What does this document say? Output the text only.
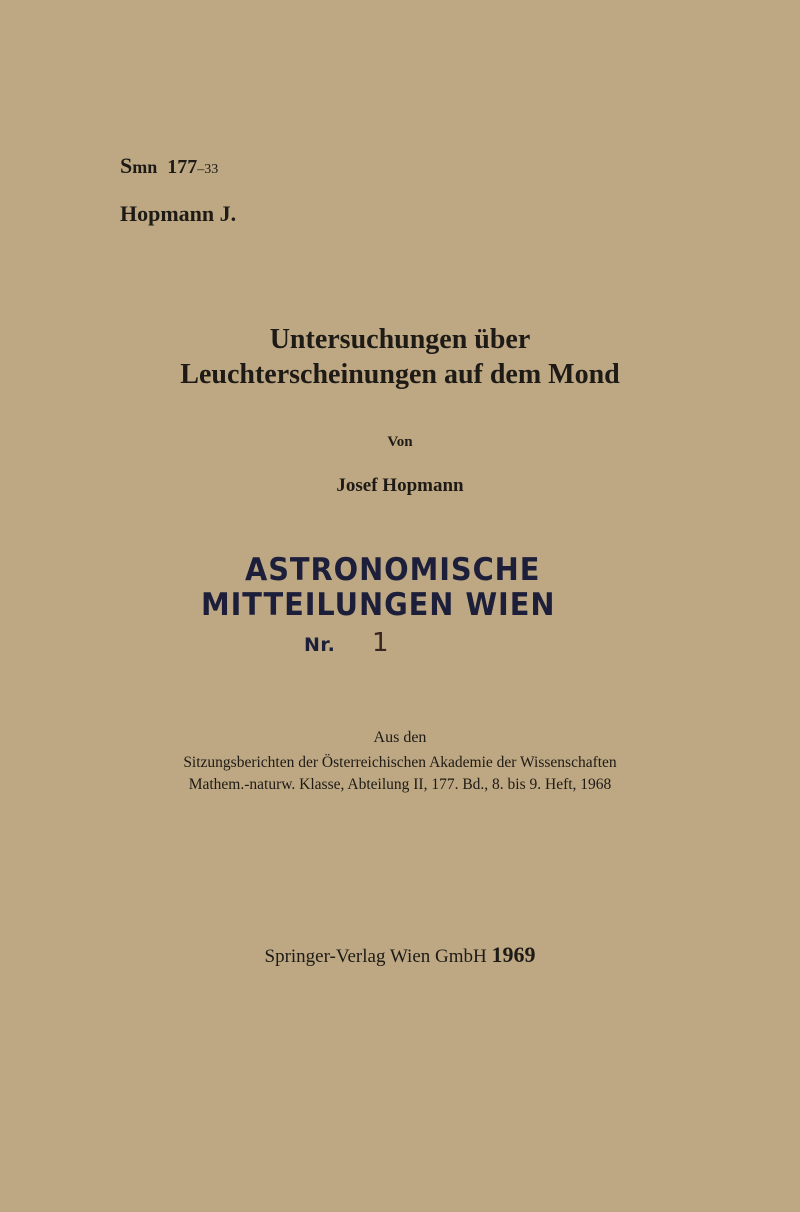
Smn 177–33
Hopmann J.
Untersuchungen über
Leuchterscheinungen auf dem Mond
Von
Josef Hopmann
ASTRONOMISCHE
MITTEILUNGEN WIEN
Nr. 1
Aus den
Sitzungsberichten der Österreichischen Akademie der Wissenschaften
Mathem.-naturw. Klasse, Abteilung II, 177. Bd., 8. bis 9. Heft, 1968
Springer-Verlag Wien GmbH 1969
